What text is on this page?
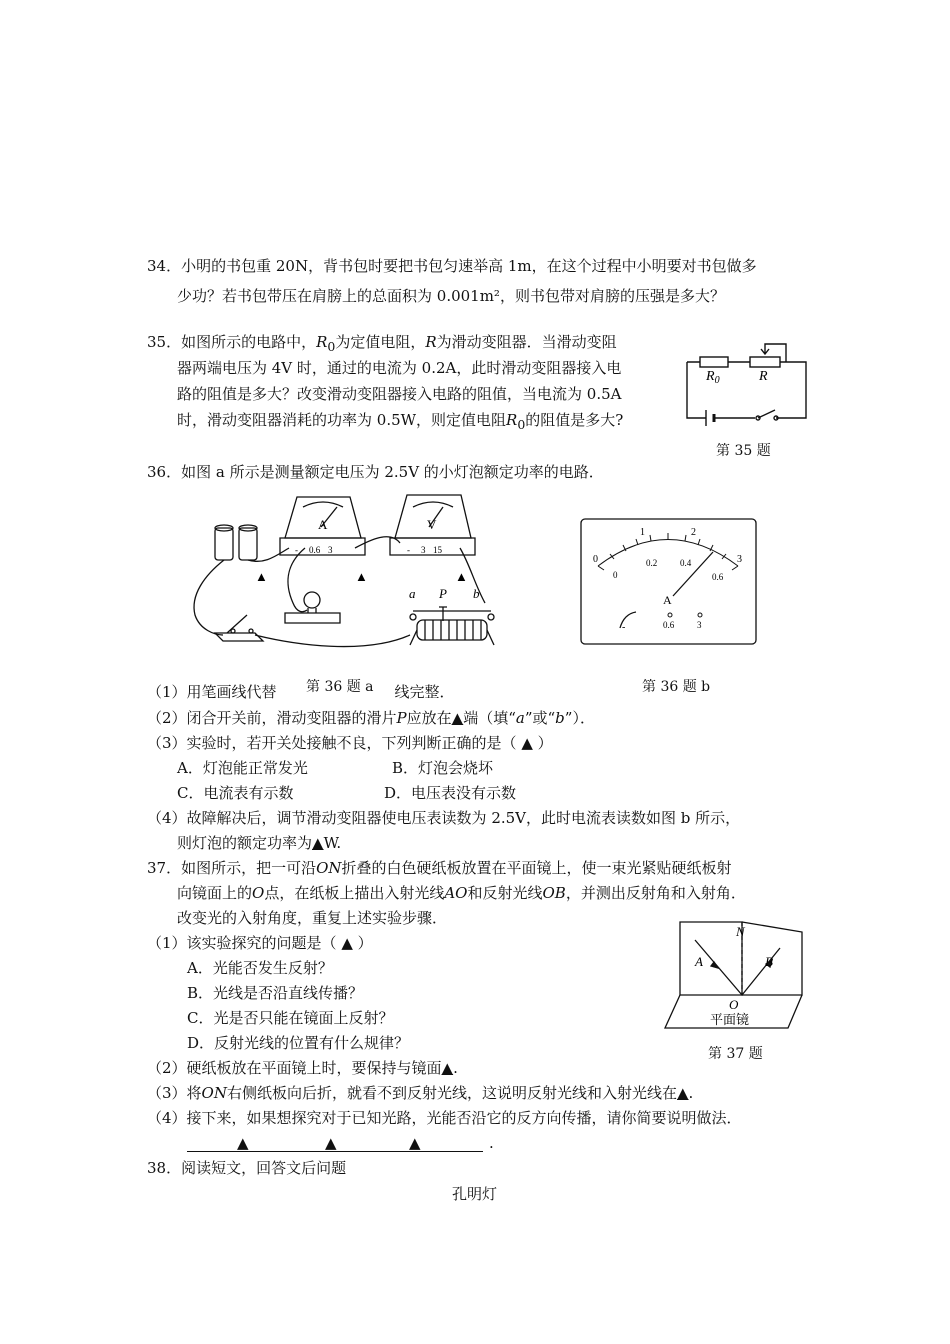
34．小明的书包重 20N，背书包时要把书包匀速举高 1m，在这个过程中小明要对书包做多
少功？若书包带压在肩膀上的总面积为 0.001m²，则书包带对肩膀的压强是多大？
35．如图所示的电路中，$R_0$为定值电阻，R为滑动变阻器．当滑动变阻
器两端电压为 4V 时，通过的电流为 0.2A，此时滑动变阻器接入电
路的阻值是多大？改变滑动变阻器接入电路的阻值，当电流为 0.5A
时，滑动变阻器消耗的功率为 0.5W，则定值电阻$R_0$的阻值是多大?
$R_0$	R
第 35 题
36．如图 a 所示是测量额定电压为 2.5V 的小灯泡额定功率的电路．
A
- 0.6 3
V
- 3 15
a P b
▲	▲	▲
第 36 题 a
0
1	2
3
0
0.2	0.4
0.6
A
-	0.6	3
第 36 题 b
（1）用笔画线代替	线完整．
（2）闭合开关前，滑动变阻器的滑片P应放在▲端（填“a”或“b”）．
（3）实验时，若开关处接触不良，下列判断正确的是（ ▲ ）
A．灯泡能正常发光	B．灯泡会烧坏
C．电流表有示数	D．电压表没有示数
（4）故障解决后，调节滑动变阻器使电压表读数为 2.5V，此时电流表读数如图 b 所示，
则灯泡的额定功率为▲W.
37．如图所示，把一可沿ON折叠的白色硬纸板放置在平面镜上，使一束光紧贴硬纸板射
向镜面上的O点，在纸板上描出入射光线AO和反射光线OB，并测出反射角和入射角．
改变光的入射角度，重复上述实验步骤．
（1）该实验探究的问题是（ ▲ ）
A．光能否发生反射？
B．光线是否沿直线传播？
C．光是否只能在镜面上反射？
D．反射光线的位置有什么规律？
（2）硬纸板放在平面镜上时，要保持与镜面▲.
（3）将ON右侧纸板向后折，就看不到反射光线，这说明反射光线和入射光线在▲.
（4）接下来，如果想探究对于已知光路，光能否沿它的反方向传播，请你简要说明做法．
▲	▲	▲	.
N
A	B
O
平面镜
第 37 题
38．阅读短文，回答文后问题
孔明灯
